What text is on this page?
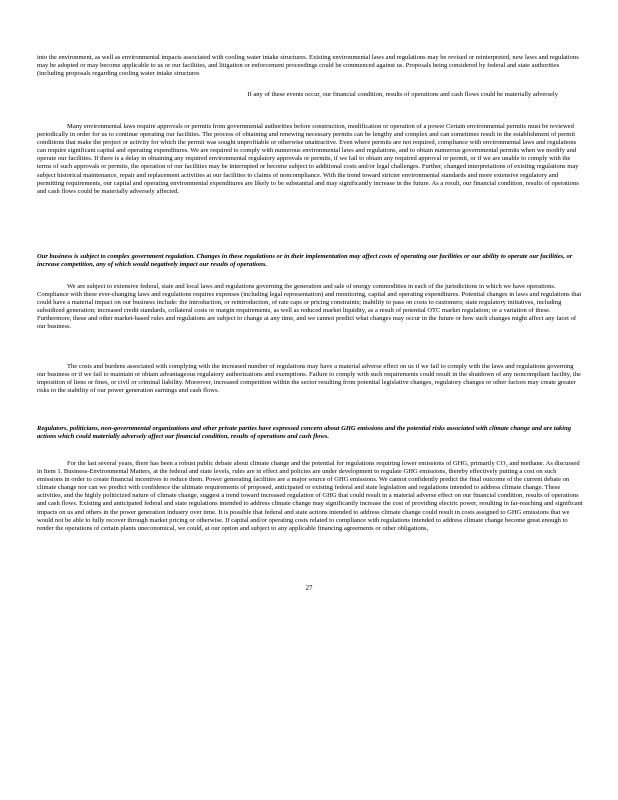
into the environment, as well as environmental impacts associated with cooling water intake structures. Existing environmental laws and regulations may be revised or reinterpreted, new laws and regulations may be adopted or may become applicable to us or our facilities, and litigation or enforcement proceedings could be commenced against us. Proposals being considered by federal and state authorities (including proposals regarding cooling water intake structures
If any of these events occur, our financial condition, results of operations and cash flows could be materially adversely
Many environmental laws require approvals or permits from governmental authorities before construction, modification or operation of a power Certain environmental permits must be reviewed periodically in order for us to continue operating our facilities. The process of obtaining and renewing necessary permits can be lengthy and complex and can sometimes result in the establishment of permit conditions that make the project or activity for which the permit was sought unprofitable or otherwise unattractive. Even where permits are not required, compliance with environmental laws and regulations can require significant capital and operating expenditures. We are required to comply with numerous environmental laws and regulations, and to obtain numerous governmental permits when we modify and operate our facilities. If there is a delay in obtaining any required environmental regulatory approvals or permits, if we fail to obtain any required approval or permit, or if we are unable to comply with the terms of such approvals or permits, the operation of our facilities may be interrupted or become subject to additional costs and/or legal challenges. Further, changed interpretations of existing regulations may subject historical maintenance, repair and replacement activities at our facilities to claims of noncompliance. With the trend toward stricter environmental standards and more extensive regulatory and permitting requirements, our capital and operating environmental expenditures are likely to be substantial and may significantly increase in the future. As a result, our financial condition, results of operations and cash flows could be materially adversely affected.
Our business is subject to complex government regulation. Changes in these regulations or in their implementation may affect costs of operating our facilities or our ability to operate our facilities, or increase competition, any of which would negatively impact our results of operations.
We are subject to extensive federal, state and local laws and regulations governing the generation and sale of energy commodities in each of the jurisdictions in which we have operations. Compliance with these ever-changing laws and regulations requires expenses (including legal representation) and monitoring, capital and operating expenditures. Potential changes in laws and regulations that could have a material impact on our business include: the introduction, or reintroduction, of rate caps or pricing constraints; inability to pass on costs to customers; state regulatory initiatives, including subsidized generation; increased credit standards, collateral costs or margin requirements, as well as reduced market liquidity, as a result of potential OTC market regulation; or a variation of these. Furthermore, these and other market-based rules and regulations are subject to change at any time, and we cannot predict what changes may occur in the future or how such changes might affect any facet of our business.
The costs and burdens associated with complying with the increased number of regulations may have a material adverse effect on us if we fail to comply with the laws and regulations governing our business or if we fail to maintain or obtain advantageous regulatory authorizations and exemptions. Failure to comply with such requirements could result in the shutdown of any noncompliant facility, the imposition of liens or fines, or civil or criminal liability. Moreover, increased competition within the sector resulting from potential legislative changes, regulatory changes or other factors may create greater risks to the stability of our power generation earnings and cash flows.
Regulators, politicians, non-governmental organizations and other private parties have expressed concern about GHG emissions and the potential risks associated with climate change and are taking actions which could materially adversely affect our financial condition, results of operations and cash flows.
For the last several years, there has been a robust public debate about climate change and the potential for regulations requiring lower emissions of GHG, primarily CO₂ and methane. As discussed in Item 1. Business-Environmental Matters, at the federal and state levels, rules are in effect and policies are under development to regulate GHG emissions, thereby effectively putting a cost on such emissions in order to create financial incentives to reduce them. Power generating facilities are a major source of GHG emissions. We cannot confidently predict the final outcome of the current debate on climate change nor can we predict with confidence the ultimate requirements of proposed, anticipated or existing federal and state legislation and regulations intended to address climate change. These activities, and the highly politicized nature of climate change, suggest a trend toward increased regulation of GHG that could result in a material adverse effect on our financial condition, results of operations and cash flows. Existing and anticipated federal and state regulations intended to address climate change may significantly increase the cost of providing electric power, resulting in far-reaching and significant impacts on us and others in the power generation industry over time. It is possible that federal and state actions intended to address climate change could result in costs assigned to GHG emissions that we would not be able to fully recover through market pricing or otherwise. If capital and/or operating costs related to compliance with regulations intended to address climate change become great enough to render the operations of certain plants uneconomical, we could, at our option and subject to any applicable financing agreements or other obligations,
27
